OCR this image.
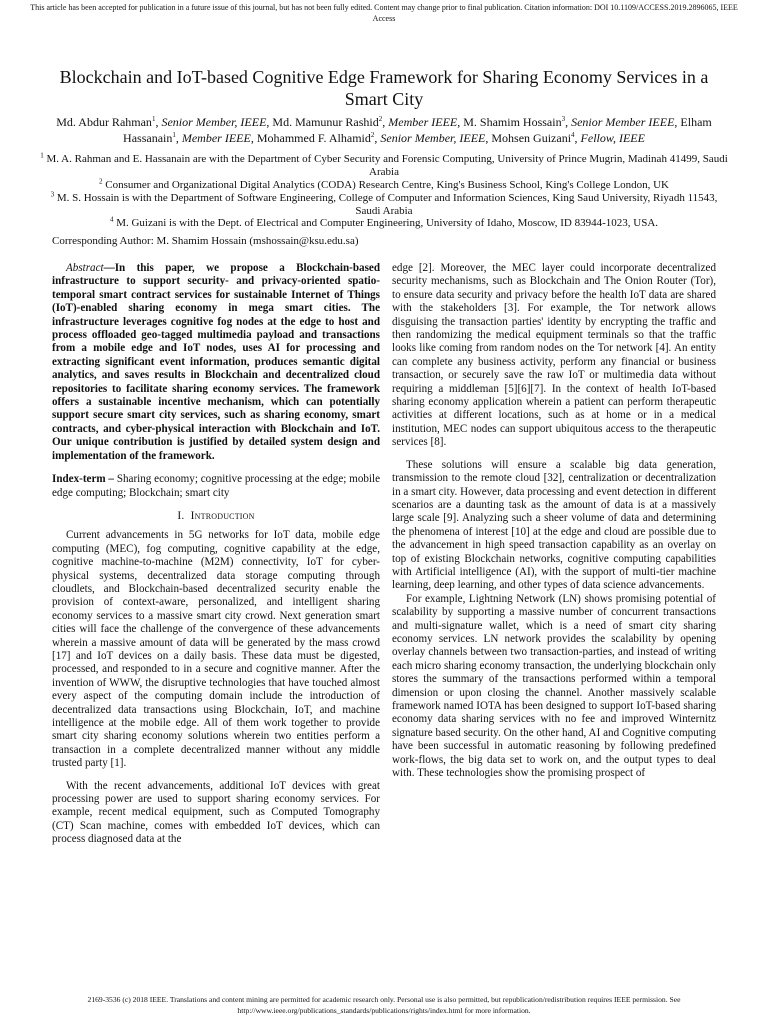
This article has been accepted for publication in a future issue of this journal, but has not been fully edited. Content may change prior to final publication. Citation information: DOI 10.1109/ACCESS.2019.2896065, IEEE Access
Blockchain and IoT-based Cognitive Edge Framework for Sharing Economy Services in a Smart City
Md. Abdur Rahman$^1$, Senior Member, IEEE, Md. Mamunur Rashid$^2$, Member IEEE, M. Shamim Hossain$^3$, Senior Member IEEE, Elham Hassanain$^1$, Member IEEE, Mohammed F. Alhamid$^2$, Senior Member, IEEE, Mohsen Guizani$^4$, Fellow, IEEE
$^1$ M. A. Rahman and E. Hassanain are with the Department of Cyber Security and Forensic Computing, University of Prince Mugrin, Madinah 41499, Saudi Arabia
$^2$ Consumer and Organizational Digital Analytics (CODA) Research Centre, King's Business School, King's College London, UK
$^3$ M. S. Hossain is with the Department of Software Engineering, College of Computer and Information Sciences, King Saud University, Riyadh 11543, Saudi Arabia
$^4$ M. Guizani is with the Dept. of Electrical and Computer Engineering, University of Idaho, Moscow, ID 83944-1023, USA.
Corresponding Author: M. Shamim Hossain (mshossain@ksu.edu.sa)

Abstract—In this paper, we propose a Blockchain-based infrastructure to support security- and privacy-oriented spatio-temporal smart contract services for sustainable Internet of Things (IoT)-enabled sharing economy in mega smart cities. The infrastructure leverages cognitive fog nodes at the edge to host and process offloaded geo-tagged multimedia payload and transactions from a mobile edge and IoT nodes, uses AI for processing and extracting significant event information, produces semantic digital analytics, and saves results in Blockchain and decentralized cloud repositories to facilitate sharing economy services. The framework offers a sustainable incentive mechanism, which can potentially support secure smart city services, such as sharing economy, smart contracts, and cyber-physical interaction with Blockchain and IoT. Our unique contribution is justified by detailed system design and implementation of the framework.

Index-term – Sharing economy; cognitive processing at the edge; mobile edge computing; Blockchain; smart city

I. Introduction

Current advancements in 5G networks for IoT data, mobile edge computing (MEC), fog computing, cognitive capability at the edge, cognitive machine-to-machine (M2M) connectivity, IoT for cyber-physical systems, decentralized data storage computing through cloudlets, and Blockchain-based decentralized security enable the provision of context-aware, personalized, and intelligent sharing economy services to a massive smart city crowd. Next generation smart cities will face the challenge of the convergence of these advancements wherein a massive amount of data will be generated by the mass crowd [17] and IoT devices on a daily basis. These data must be digested, processed, and responded to in a secure and cognitive manner. After the invention of WWW, the disruptive technologies that have touched almost every aspect of the computing domain include the introduction of decentralized data transactions using Blockchain, IoT, and machine intelligence at the mobile edge. All of them work together to provide smart city sharing economy solutions wherein two entities perform a transaction in a complete decentralized manner without any middle trusted party [1].

With the recent advancements, additional IoT devices with great processing power are used to support sharing economy services. For example, recent medical equipment, such as Computed Tomography (CT) Scan machine, comes with embedded IoT devices, which can process diagnosed data at the

edge [2]. Moreover, the MEC layer could incorporate decentralized security mechanisms, such as Blockchain and The Onion Router (Tor), to ensure data security and privacy before the health IoT data are shared with the stakeholders [3]. For example, the Tor network allows disguising the transaction parties' identity by encrypting the traffic and then randomizing the medical equipment terminals so that the traffic looks like coming from random nodes on the Tor network [4]. An entity can complete any business activity, perform any financial or business transaction, or securely save the raw IoT or multimedia data without requiring a middleman [5][6][7]. In the context of health IoT-based sharing economy application wherein a patient can perform therapeutic activities at different locations, such as at home or in a medical institution, MEC nodes can support ubiquitous access to the therapeutic services [8].

These solutions will ensure a scalable big data generation, transmission to the remote cloud [32], centralization or decentralization in a smart city. However, data processing and event detection in different scenarios are a daunting task as the amount of data is at a massively large scale [9]. Analyzing such a sheer volume of data and determining the phenomena of interest [10] at the edge and cloud are possible due to the advancement in high speed transaction capability as an overlay on top of existing Blockchain networks, cognitive computing capabilities with Artificial intelligence (AI), with the support of multi-tier machine learning, deep learning, and other types of data science advancements.

For example, Lightning Network (LN) shows promising potential of scalability by supporting a massive number of concurrent transactions and multi-signature wallet, which is a need of smart city sharing economy services. LN network provides the scalability by opening overlay channels between two transaction-parties, and instead of writing each micro sharing economy transaction, the underlying blockchain only stores the summary of the transactions performed within a temporal dimension or upon closing the channel. Another massively scalable framework named IOTA has been designed to support IoT-based sharing economy data sharing services with no fee and improved Winternitz signature based security. On the other hand, AI and Cognitive computing have been successful in automatic reasoning by following predefined work-flows, the big data set to work on, and the output types to deal with. These technologies show the promising prospect of

2169-3536 (c) 2018 IEEE. Translations and content mining are permitted for academic research only. Personal use is also permitted, but republication/redistribution requires IEEE permission. See http://www.ieee.org/publications_standards/publications/rights/index.html for more information.
